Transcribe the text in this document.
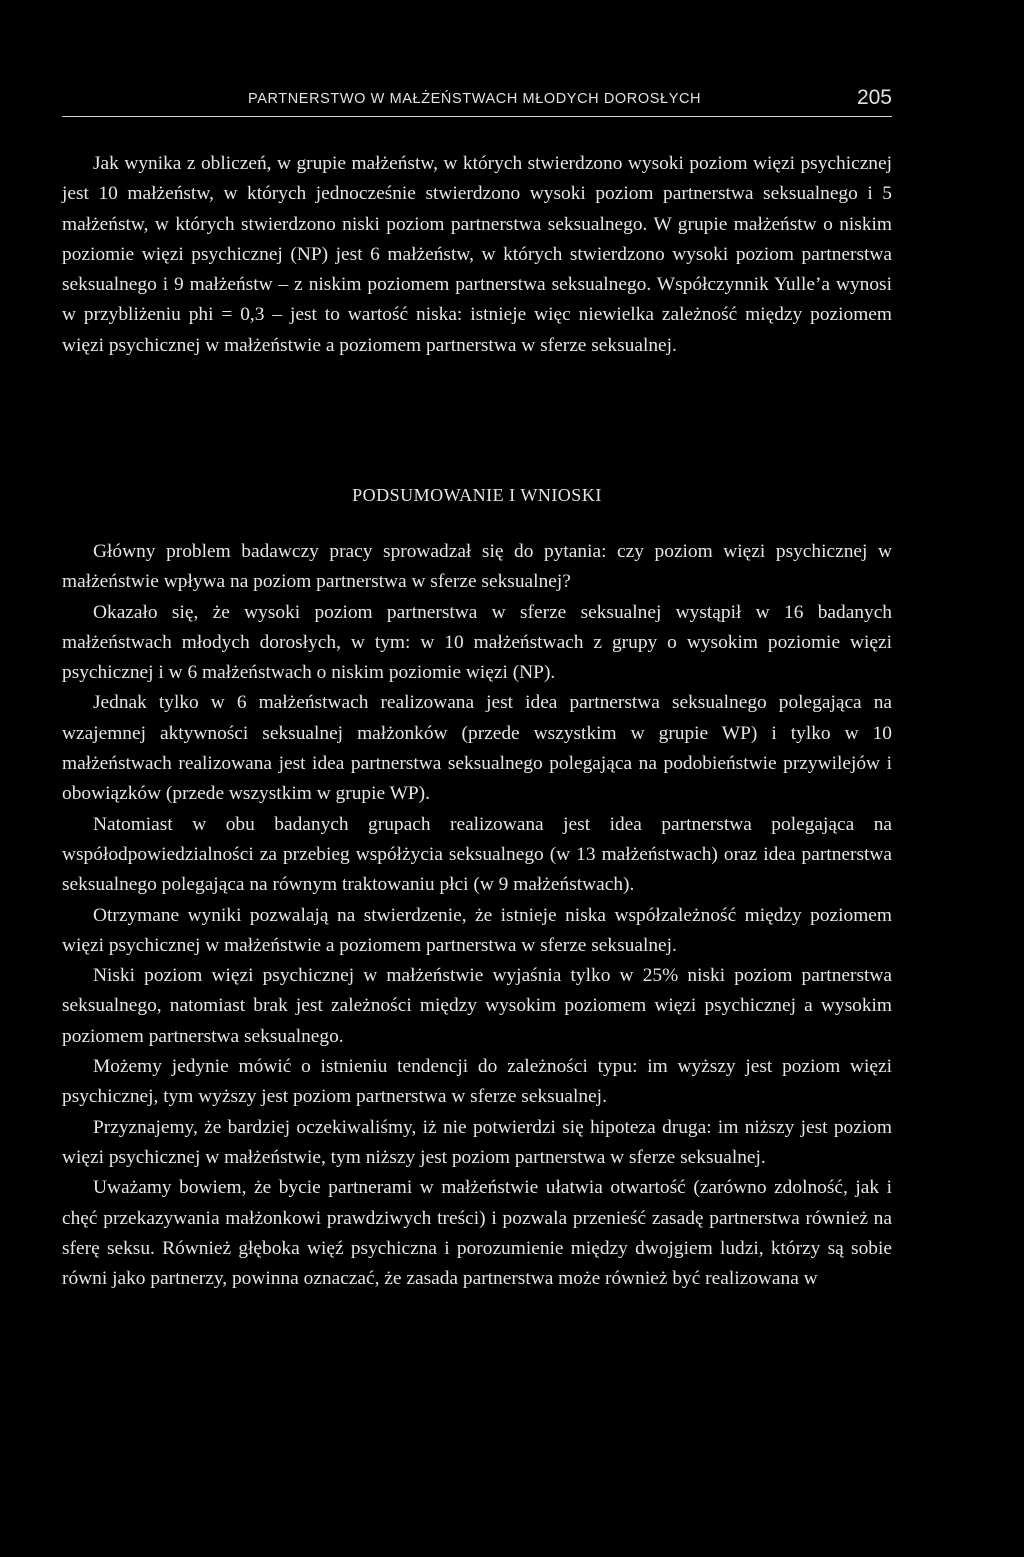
PARTNERSTWO W MAŁŻEŃSTWACH MŁODYCH DOROSŁYCH	205

Jak wynika z obliczeń, w grupie małżeństw, w których stwierdzono wysoki poziom więzi psychicznej jest 10 małżeństw, w których jednocześnie stwierdzono wysoki poziom partnerstwa seksualnego i 5 małżeństw, w których stwierdzono niski poziom partnerstwa seksualnego. W grupie małżeństw o niskim poziomie więzi psychicznej (NP) jest 6 małżeństw, w których stwierdzono wysoki poziom partnerstwa seksualnego i 9 małżeństw – z niskim poziomem partnerstwa seksualnego. Współczynnik Yulle’a wynosi w przybliżeniu phi = 0,3 – jest to wartość niska: istnieje więc niewielka zależność między poziomem więzi psychicznej w małżeństwie a poziomem partnerstwa w sferze seksualnej.

PODSUMOWANIE I WNIOSKI

Główny problem badawczy pracy sprowadzał się do pytania: czy poziom więzi psychicznej w małżeństwie wpływa na poziom partnerstwa w sferze seksualnej?

Okazało się, że wysoki poziom partnerstwa w sferze seksualnej wystąpił w 16 badanych małżeństwach młodych dorosłych, w tym: w 10 małżeństwach z grupy o wysokim poziomie więzi psychicznej i w 6 małżeństwach o niskim poziomie więzi (NP).

Jednak tylko w 6 małżeństwach realizowana jest idea partnerstwa seksualnego polegająca na wzajemnej aktywności seksualnej małżonków (przede wszystkim w grupie WP) i tylko w 10 małżeństwach realizowana jest idea partnerstwa seksualnego polegająca na podobieństwie przywilejów i obowiązków (przede wszystkim w grupie WP).

Natomiast w obu badanych grupach realizowana jest idea partnerstwa polegająca na współodpowiedzialności za przebieg współżycia seksualnego (w 13 małżeństwach) oraz idea partnerstwa seksualnego polegająca na równym traktowaniu płci (w 9 małżeństwach).

Otrzymane wyniki pozwalają na stwierdzenie, że istnieje niska współzależność między poziomem więzi psychicznej w małżeństwie a poziomem partnerstwa w sferze seksualnej.

Niski poziom więzi psychicznej w małżeństwie wyjaśnia tylko w 25% niski poziom partnerstwa seksualnego, natomiast brak jest zależności między wysokim poziomem więzi psychicznej a wysokim poziomem partnerstwa seksualnego.

Możemy jedynie mówić o istnieniu tendencji do zależności typu: im wyższy jest poziom więzi psychicznej, tym wyższy jest poziom partnerstwa w sferze seksualnej.

Przyznajemy, że bardziej oczekiwaliśmy, iż nie potwierdzi się hipoteza druga: im niższy jest poziom więzi psychicznej w małżeństwie, tym niższy jest poziom partnerstwa w sferze seksualnej.

Uważamy bowiem, że bycie partnerami w małżeństwie ułatwia otwartość (zarówno zdolność, jak i chęć przekazywania małżonkowi prawdziwych treści) i pozwala przenieść zasadę partnerstwa również na sferę seksu. Również głęboka więź psychiczna i porozumienie między dwojgiem ludzi, którzy są sobie równi jako partnerzy, powinna oznaczać, że zasada partnerstwa może również być realizowana w
